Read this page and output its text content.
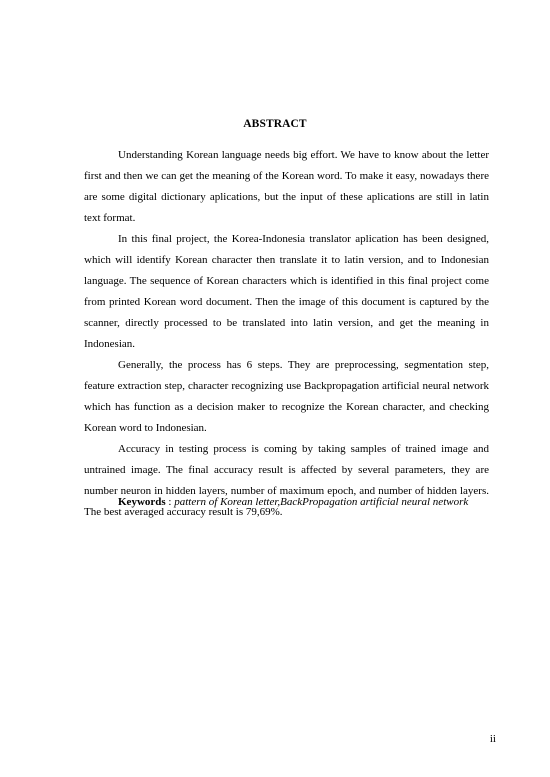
ABSTRACT

Understanding Korean language needs big effort. We have to know about the letter first and then we can get the meaning of the Korean word. To make it easy, nowadays there are some digital dictionary aplications, but the input of these aplications are still in latin text format.

In this final project, the Korea-Indonesia translator aplication has been designed, which will identify Korean character then translate it to latin version, and to Indonesian language. The sequence of Korean characters which is identified in this final project come from printed Korean word document. Then the image of this document is captured by the scanner, directly processed to be translated into latin version, and get the meaning in Indonesian.

Generally, the process has 6 steps. They are preprocessing, segmentation step, feature extraction step, character recognizing use Backpropagation artificial neural network which has function as a decision maker to recognize the Korean character, and checking Korean word to Indonesian.

Accuracy in testing process is coming by taking samples of trained image and untrained image. The final accuracy result is affected by several parameters, they are number neuron in hidden layers, number of maximum epoch, and number of hidden layers. The best averaged accuracy result is 79,69%.

Keywords : pattern of Korean letter,BackPropagation artificial neural network
ii
